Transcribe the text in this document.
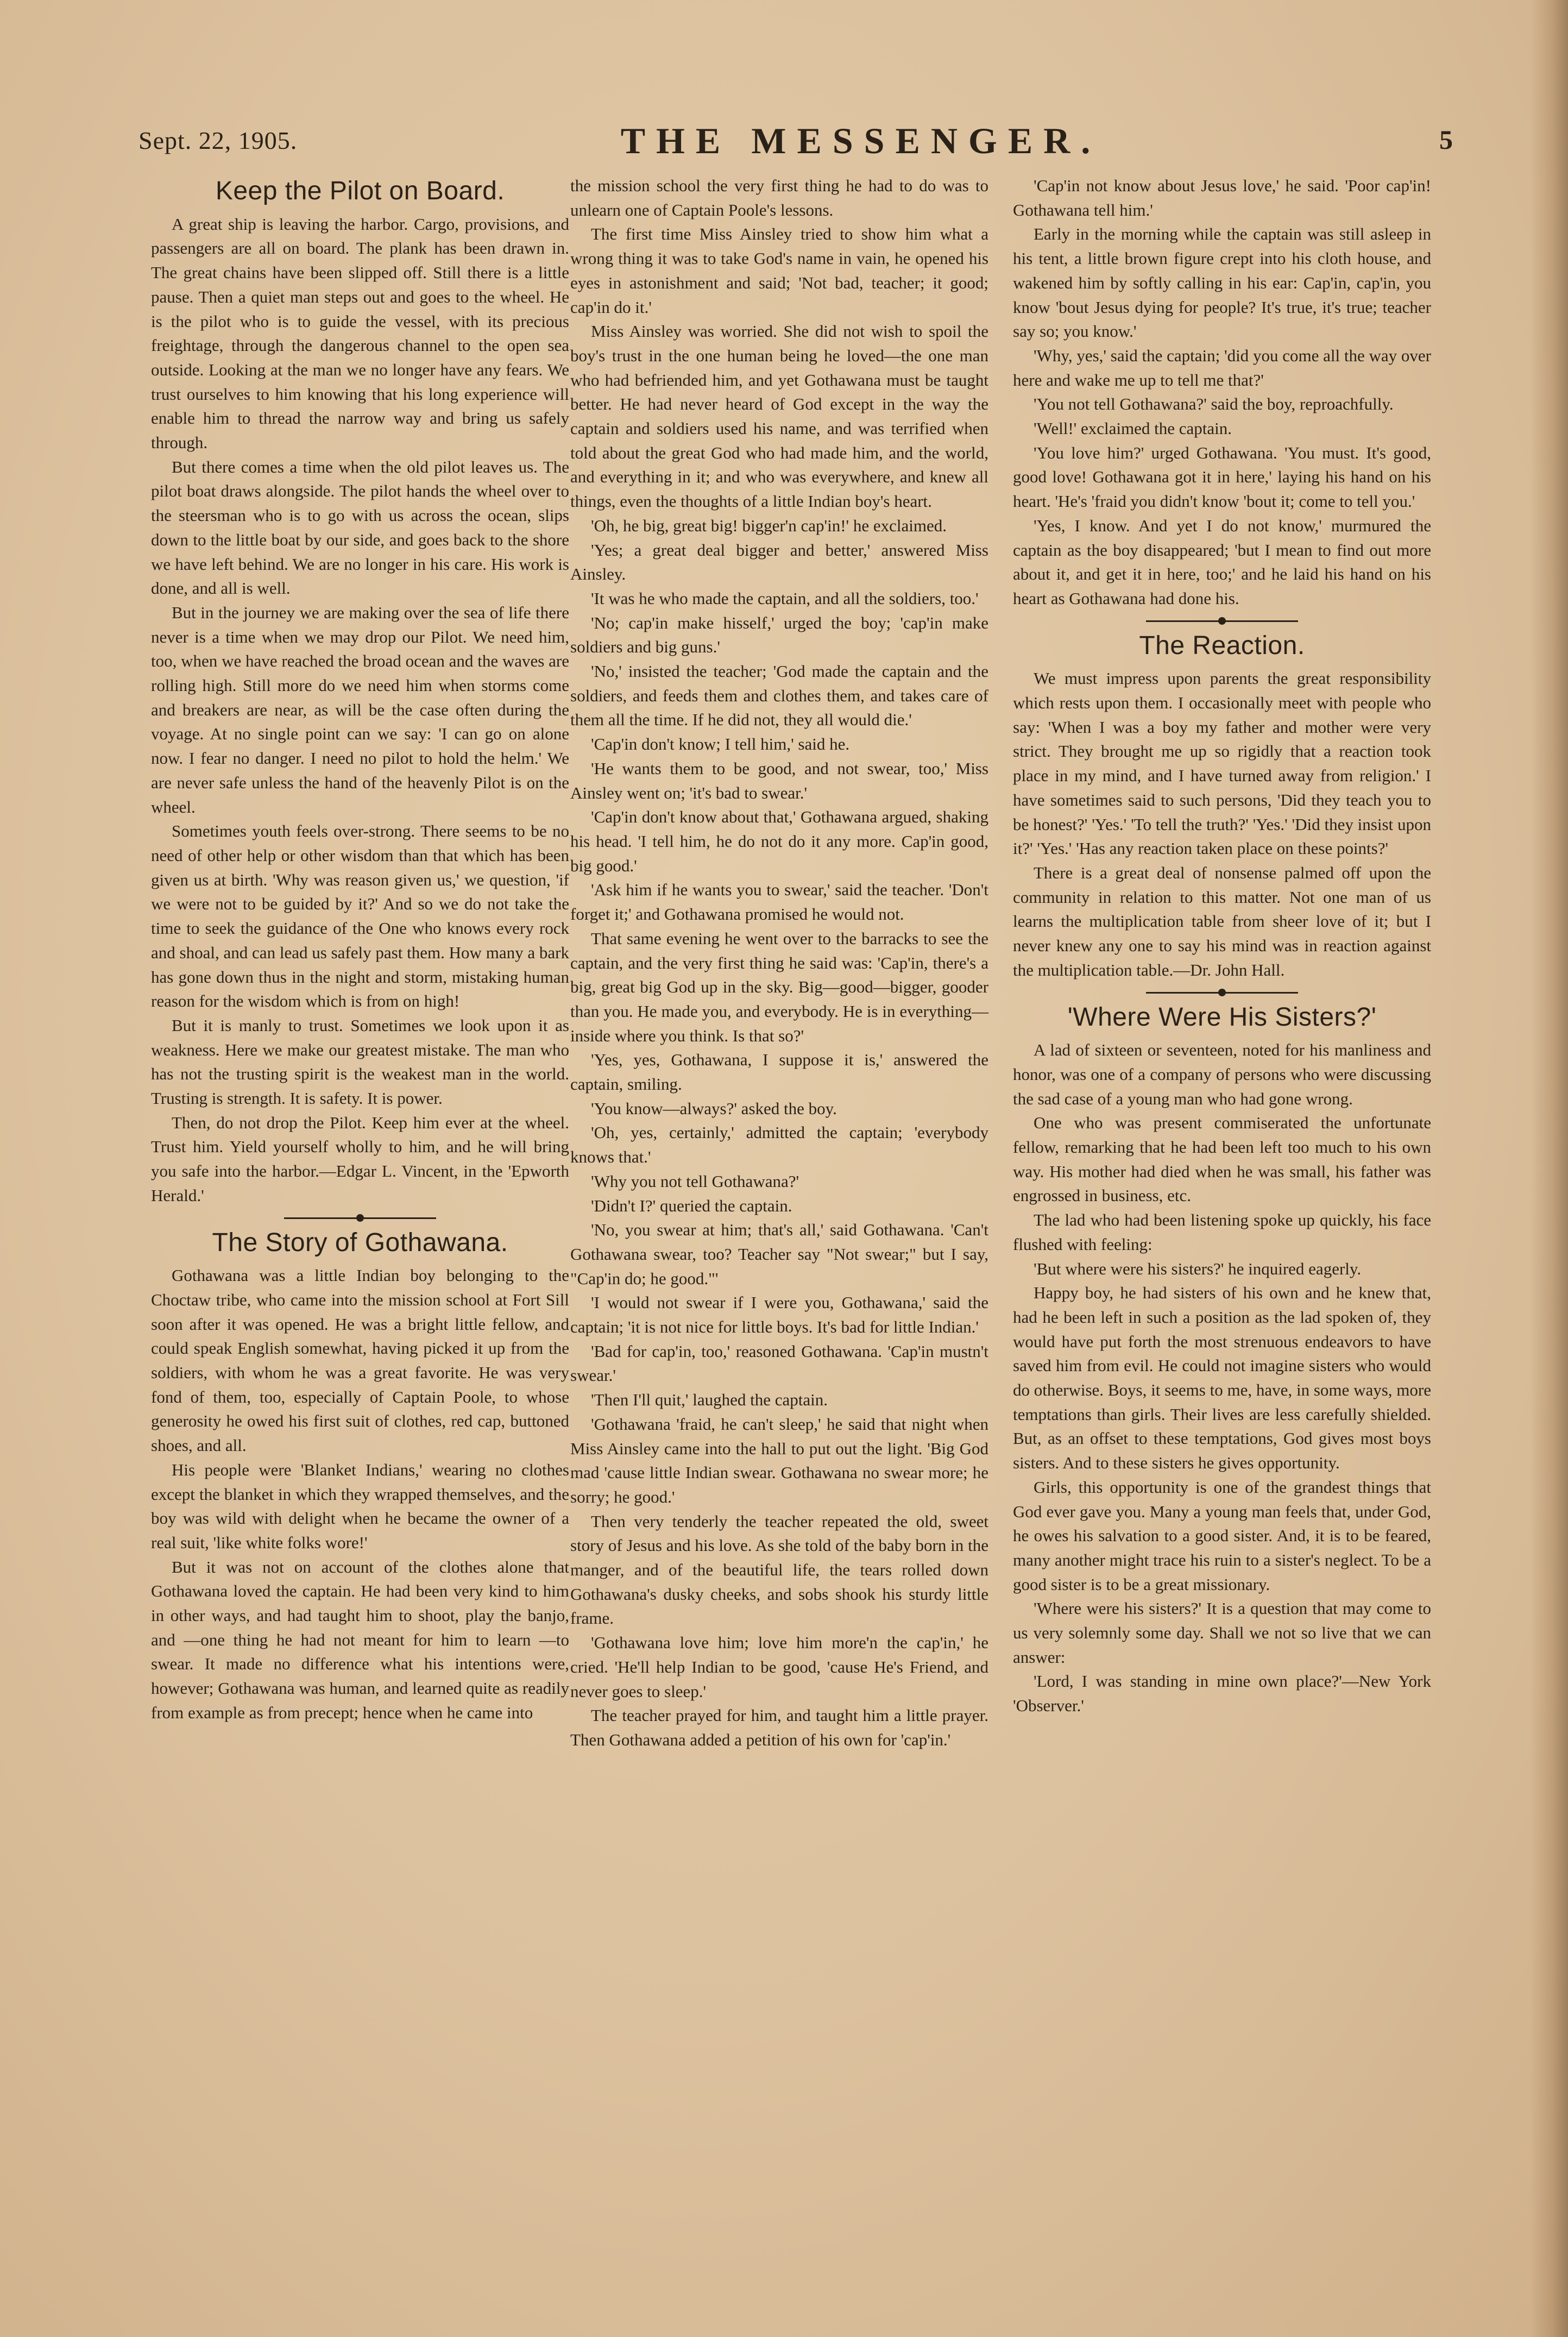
Sept. 22, 1905.	THE MESSENGER.	5
Keep the Pilot on Board.

A great ship is leaving the harbor. Cargo, provisions, and passengers are all on board. The plank has been drawn in. The great chains have been slipped off. Still there is a little pause. Then a quiet man steps out and goes to the wheel. He is the pilot who is to guide the vessel, with its precious freightage, through the dangerous channel to the open sea outside. Looking at the man we no longer have any fears. We trust ourselves to him knowing that his long experience will enable him to thread the narrow way and bring us safely through.

But there comes a time when the old pilot leaves us. The pilot boat draws alongside. The pilot hands the wheel over to the steersman who is to go with us across the ocean, slips down to the little boat by our side, and goes back to the shore we have left behind. We are no longer in his care. His work is done, and all is well.

But in the journey we are making over the sea of life there never is a time when we may drop our Pilot. We need him, too, when we have reached the broad ocean and the waves are rolling high. Still more do we need him when storms come and breakers are near, as will be the case often during the voyage. At no single point can we say: 'I can go on alone now. I fear no danger. I need no pilot to hold the helm.' We are never safe unless the hand of the heavenly Pilot is on the wheel.

Sometimes youth feels over-strong. There seems to be no need of other help or other wisdom than that which has been given us at birth. 'Why was reason given us,' we question, 'if we were not to be guided by it?' And so we do not take the time to seek the guidance of the One who knows every rock and shoal, and can lead us safely past them. How many a bark has gone down thus in the night and storm, mistaking human reason for the wisdom which is from on high!

But it is manly to trust. Sometimes we look upon it as weakness. Here we make our greatest mistake. The man who has not the trusting spirit is the weakest man in the world. Trusting is strength. It is safety. It is power.

Then, do not drop the Pilot. Keep him ever at the wheel. Trust him. Yield yourself wholly to him, and he will bring you safe into the harbor.—Edgar L. Vincent, in the 'Epworth Herald.'

The Story of Gothawana.

Gothawana was a little Indian boy belonging to the Choctaw tribe, who came into the mission school at Fort Sill soon after it was opened. He was a bright little fellow, and could speak English somewhat, having picked it up from the soldiers, with whom he was a great favorite. He was very fond of them, too, especially of Captain Poole, to whose generosity he owed his first suit of clothes, red cap, buttoned shoes, and all.

His people were 'Blanket Indians,' wearing no clothes except the blanket in which they wrapped themselves, and the boy was wild with delight when he became the owner of a real suit, 'like white folks wore!'

But it was not on account of the clothes alone that Gothawana loved the captain. He had been very kind to him in other ways, and had taught him to shoot, play the banjo, and —one thing he had not meant for him to learn —to swear. It made no difference what his intentions were, however; Gothawana was human, and learned quite as readily from example as from precept; hence when he came into

the mission school the very first thing he had to do was to unlearn one of Captain Poole's lessons.

The first time Miss Ainsley tried to show him what a wrong thing it was to take God's name in vain, he opened his eyes in astonishment and said; 'Not bad, teacher; it good; cap'in do it.'

Miss Ainsley was worried. She did not wish to spoil the boy's trust in the one human being he loved—the one man who had befriended him, and yet Gothawana must be taught better. He had never heard of God except in the way the captain and soldiers used his name, and was terrified when told about the great God who had made him, and the world, and everything in it; and who was everywhere, and knew all things, even the thoughts of a little Indian boy's heart.

'Oh, he big, great big! bigger'n cap'in!' he exclaimed.

'Yes; a great deal bigger and better,' answered Miss Ainsley.

'It was he who made the captain, and all the soldiers, too.'

'No; cap'in make hisself,' urged the boy; 'cap'in make soldiers and big guns.'

'No,' insisted the teacher; 'God made the captain and the soldiers, and feeds them and clothes them, and takes care of them all the time. If he did not, they all would die.'

'Cap'in don't know; I tell him,' said he.

'He wants them to be good, and not swear, too,' Miss Ainsley went on; 'it's bad to swear.'

'Cap'in don't know about that,' Gothawana argued, shaking his head. 'I tell him, he do not do it any more. Cap'in good, big good.'

'Ask him if he wants you to swear,' said the teacher. 'Don't forget it;' and Gothawana promised he would not.

That same evening he went over to the barracks to see the captain, and the very first thing he said was: 'Cap'in, there's a big, great big God up in the sky. Big—good—bigger, gooder than you. He made you, and everybody. He is in everything—inside where you think. Is that so?'

'Yes, yes, Gothawana, I suppose it is,' answered the captain, smiling.

'You know—always?' asked the boy.

'Oh, yes, certainly,' admitted the captain; 'everybody knows that.'

'Why you not tell Gothawana?'

'Didn't I?' queried the captain.

'No, you swear at him; that's all,' said Gothawana. 'Can't Gothawana swear, too? Teacher say "Not swear;" but I say, "Cap'in do; he good."'

'I would not swear if I were you, Gothawana,' said the captain; 'it is not nice for little boys. It's bad for little Indian.'

'Bad for cap'in, too,' reasoned Gothawana. 'Cap'in mustn't swear.'

'Then I'll quit,' laughed the captain.

'Gothawana 'fraid, he can't sleep,' he said that night when Miss Ainsley came into the hall to put out the light. 'Big God mad 'cause little Indian swear. Gothawana no swear more; he sorry; he good.'

Then very tenderly the teacher repeated the old, sweet story of Jesus and his love. As she told of the baby born in the manger, and of the beautiful life, the tears rolled down Gothawana's dusky cheeks, and sobs shook his sturdy little frame.

'Gothawana love him; love him more'n the cap'in,' he cried. 'He'll help Indian to be good, 'cause He's Friend, and never goes to sleep.'

The teacher prayed for him, and taught him a little prayer. Then Gothawana added a petition of his own for 'cap'in.'

'Cap'in not know about Jesus love,' he said. 'Poor cap'in! Gothawana tell him.'

Early in the morning while the captain was still asleep in his tent, a little brown figure crept into his cloth house, and wakened him by softly calling in his ear: Cap'in, cap'in, you know 'bout Jesus dying for people? It's true, it's true; teacher say so; you know.'

'Why, yes,' said the captain; 'did you come all the way over here and wake me up to tell me that?'

'You not tell Gothawana?' said the boy, reproachfully.

'Well!' exclaimed the captain.

'You love him?' urged Gothawana. 'You must. It's good, good love! Gothawana got it in here,' laying his hand on his heart. 'He's 'fraid you didn't know 'bout it; come to tell you.'

'Yes, I know. And yet I do not know,' murmured the captain as the boy disappeared; 'but I mean to find out more about it, and get it in here, too;' and he laid his hand on his heart as Gothawana had done his.

The Reaction.

We must impress upon parents the great responsibility which rests upon them. I occasionally meet with people who say: 'When I was a boy my father and mother were very strict. They brought me up so rigidly that a reaction took place in my mind, and I have turned away from religion.' I have sometimes said to such persons, 'Did they teach you to be honest?' 'Yes.' 'To tell the truth?' 'Yes.' 'Did they insist upon it?' 'Yes.' 'Has any reaction taken place on these points?'

There is a great deal of nonsense palmed off upon the community in relation to this matter. Not one man of us learns the multiplication table from sheer love of it; but I never knew any one to say his mind was in reaction against the multiplication table.—Dr. John Hall.

'Where Were His Sisters?'

A lad of sixteen or seventeen, noted for his manliness and honor, was one of a company of persons who were discussing the sad case of a young man who had gone wrong.

One who was present commiserated the unfortunate fellow, remarking that he had been left too much to his own way. His mother had died when he was small, his father was engrossed in business, etc.

The lad who had been listening spoke up quickly, his face flushed with feeling:

'But where were his sisters?' he inquired eagerly.

Happy boy, he had sisters of his own and he knew that, had he been left in such a position as the lad spoken of, they would have put forth the most strenuous endeavors to have saved him from evil. He could not imagine sisters who would do otherwise. Boys, it seems to me, have, in some ways, more temptations than girls. Their lives are less carefully shielded. But, as an offset to these temptations, God gives most boys sisters. And to these sisters he gives opportunity.

Girls, this opportunity is one of the grandest things that God ever gave you. Many a young man feels that, under God, he owes his salvation to a good sister. And, it is to be feared, many another might trace his ruin to a sister's neglect. To be a good sister is to be a great missionary.

'Where were his sisters?' It is a question that may come to us very solemnly some day. Shall we not so live that we can answer:

'Lord, I was standing in mine own place?'—New York 'Observer.'
